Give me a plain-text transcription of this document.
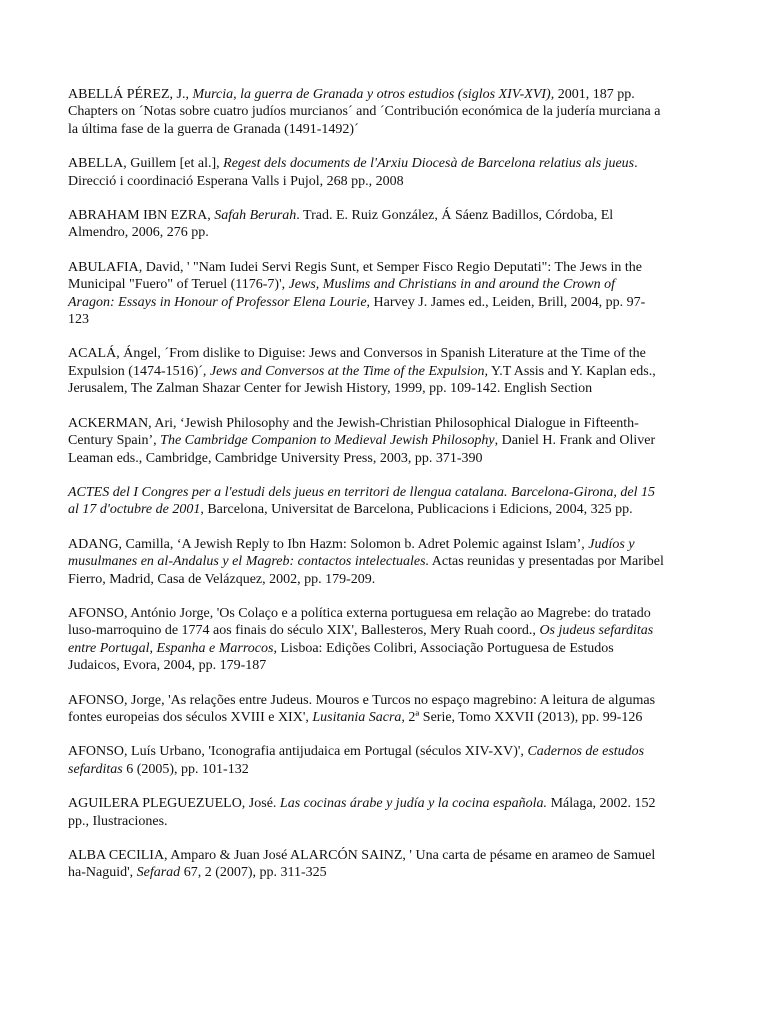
ABELLÁ PÉREZ, J., Murcia, la guerra de Granada y otros estudios (siglos XIV-XVI), 2001, 187 pp. Chapters on ´Notas sobre cuatro judíos murcianos´ and ´Contribución económica de la judería murciana a la última fase de la guerra de Granada (1491-1492)´

ABELLA, Guillem [et al.], Regest dels documents de l'Arxiu Diocesà de Barcelona relatius als jueus. Direcció i coordinació Esperana Valls i Pujol, 268 pp., 2008

ABRAHAM IBN EZRA, Safah Berurah. Trad. E. Ruiz González, Á Sáenz Badillos, Córdoba, El Almendro, 2006, 276 pp.

ABULAFIA, David, ' "Nam Iudei Servi Regis Sunt, et Semper Fisco Regio Deputati": The Jews in the Municipal "Fuero" of Teruel (1176-7)', Jews, Muslims and Christians in and around the Crown of Aragon: Essays in Honour of Professor Elena Lourie, Harvey J. James ed., Leiden, Brill, 2004, pp. 97-123

ACALÁ, Ángel, ´From dislike to Diguise: Jews and Conversos in Spanish Literature at the Time of the Expulsion (1474-1516)´, Jews and Conversos at the Time of the Expulsion, Y.T Assis and Y. Kaplan eds., Jerusalem, The Zalman Shazar Center for Jewish History, 1999, pp. 109-142. English Section

ACKERMAN, Ari, ‘Jewish Philosophy and the Jewish-Christian Philosophical Dialogue in Fifteenth-Century Spain’, The Cambridge Companion to Medieval Jewish Philosophy, Daniel H. Frank and Oliver Leaman eds., Cambridge, Cambridge University Press, 2003, pp. 371-390

ACTES del I Congres per a l'estudi dels jueus en territori de llengua catalana. Barcelona-Girona, del 15 al 17 d'octubre de 2001, Barcelona, Universitat de Barcelona, Publicacions i Edicions, 2004, 325 pp.

ADANG, Camilla, ‘A Jewish Reply to Ibn Hazm: Solomon b. Adret Polemic against Islam’, Judíos y musulmanes en al-Andalus y el Magreb: contactos intelectuales. Actas reunidas y presentadas por Maribel Fierro, Madrid, Casa de Velázquez, 2002, pp. 179-209.

AFONSO, António Jorge, 'Os Colaço e a política externa portuguesa em relação ao Magrebe: do tratado luso-marroquino de 1774 aos finais do século XIX', Ballesteros, Mery Ruah coord., Os judeus sefarditas entre Portugal, Espanha e Marrocos, Lisboa: Edições Colibri, Associação Portuguesa de Estudos Judaicos, Evora, 2004, pp. 179-187

AFONSO, Jorge, 'As relações entre Judeus. Mouros e Turcos no espaço magrebino: A leitura de algumas fontes europeias dos séculos XVIII e XIX', Lusitania Sacra, 2ª Serie, Tomo XXVII (2013), pp. 99-126

AFONSO, Luís Urbano, 'Iconografia antijudaica em Portugal (séculos XIV-XV)', Cadernos de estudos sefarditas 6 (2005), pp. 101-132

AGUILERA PLEGUEZUELO, José. Las cocinas árabe y judía y la cocina española. Málaga, 2002. 152 pp., Ilustraciones.

ALBA CECILIA, Amparo & Juan José ALARCÓN SAINZ, ' Una carta de pésame en arameo de Samuel ha-Naguid', Sefarad 67, 2 (2007), pp. 311-325
